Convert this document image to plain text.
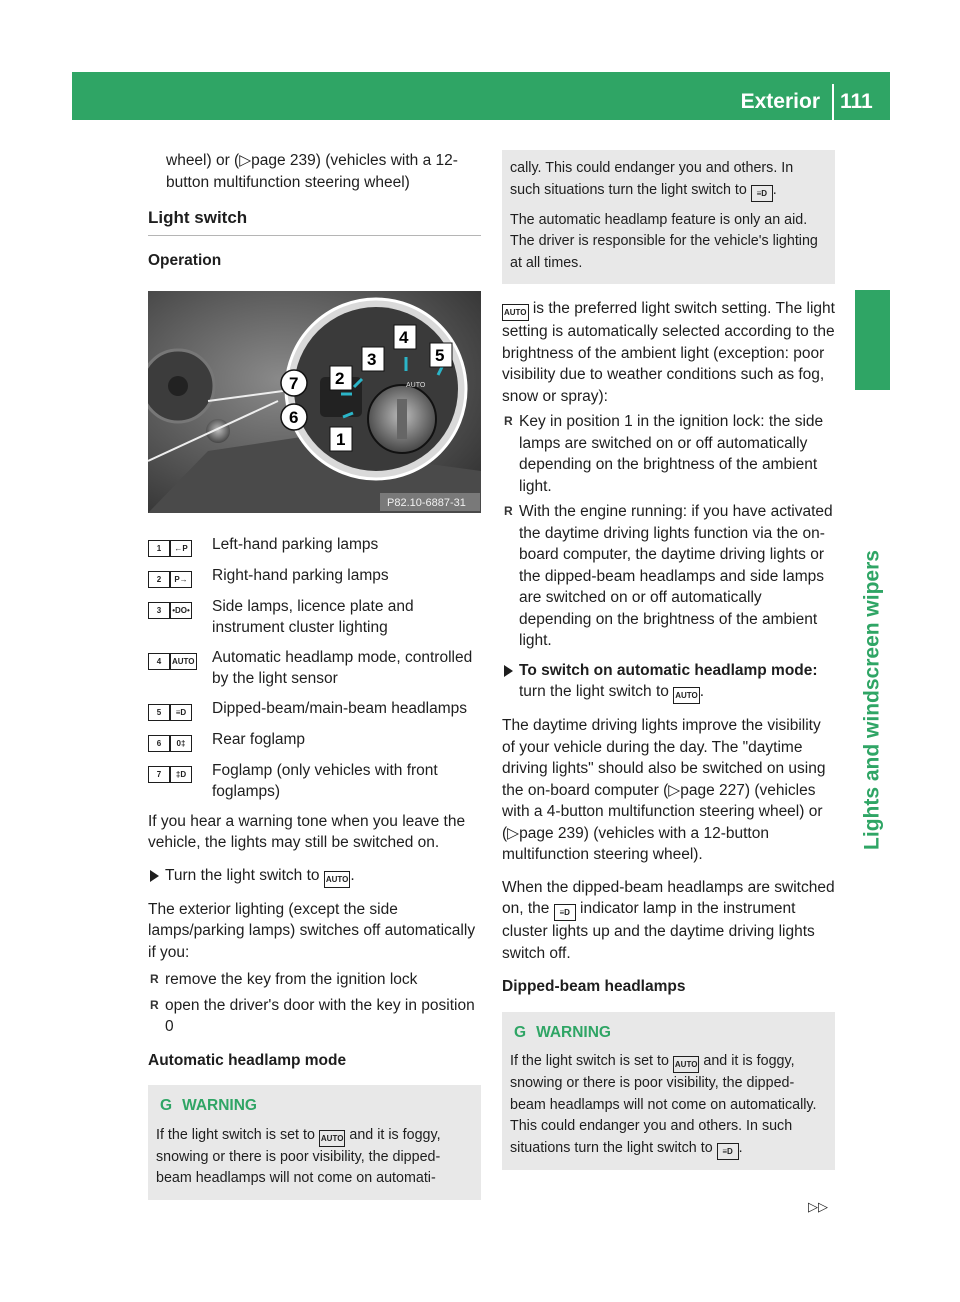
Exterior lighting
111
Lights and windscreen wipers

wheel) or (▷page 239) (vehicles with a 12-button multifunction steering wheel)

Light switch
Operation
AUTO
2
3
4
5
1
7
6
P82.10-6887-31
1 ←P	Left-hand parking lamps
2 P→	Right-hand parking lamps
3 •DO•	Side lamps, licence plate and instrument cluster lighting
4 AUTO	Automatic headlamp mode, controlled by the light sensor
5 ≡D	Dipped-beam/main-beam headlamps
6 0‡	Rear foglamp
7 ‡D	Foglamp (only vehicles with front foglamps)

If you hear a warning tone when you leave the vehicle, the lights may still be switched on.

Turn the light switch to AUTO .

The exterior lighting (except the side lamps/parking lamps) switches off automatically if you:

R remove the key from the ignition lock
R open the driver's door with the key in position 0
Automatic headlamp mode
G WARNING

If the light switch is set to AUTO and it is foggy, snowing or there is poor visibility, the dipped-beam headlamps will not come on automati-

cally. This could endanger you and others. In such situations turn the light switch to ≡D .

The automatic headlamp feature is only an aid. The driver is responsible for the vehicle's lighting at all times.

AUTO is the preferred light switch setting. The light setting is automatically selected according to the brightness of the ambient light (exception: poor visibility due to weather conditions such as fog, snow or spray):

R Key in position 1 in the ignition lock: the side lamps are switched on or off automatically depending on the brightness of the ambient light.
R With the engine running: if you have activated the daytime driving lights function via the on-board computer, the daytime driving lights or the dipped-beam headlamps and side lamps are switched on or off automatically depending on the brightness of the ambient light.

To switch on automatic headlamp mode: turn the light switch to AUTO .

The daytime driving lights improve the visibility of your vehicle during the day. The "daytime driving lights" should also be switched on using the on-board computer (▷page 227) (vehicles with a 4-button multifunction steering wheel) or (▷page 239) (vehicles with a 12-button multifunction steering wheel).

When the dipped-beam headlamps are switched on, the ≡D indicator lamp in the instrument cluster lights up and the daytime driving lights switch off.

Dipped-beam headlamps
G WARNING

If the light switch is set to AUTO and it is foggy, snowing or there is poor visibility, the dipped-beam headlamps will not come on automatically. This could endanger you and others. In such situations turn the light switch to ≡D .

▷▷
